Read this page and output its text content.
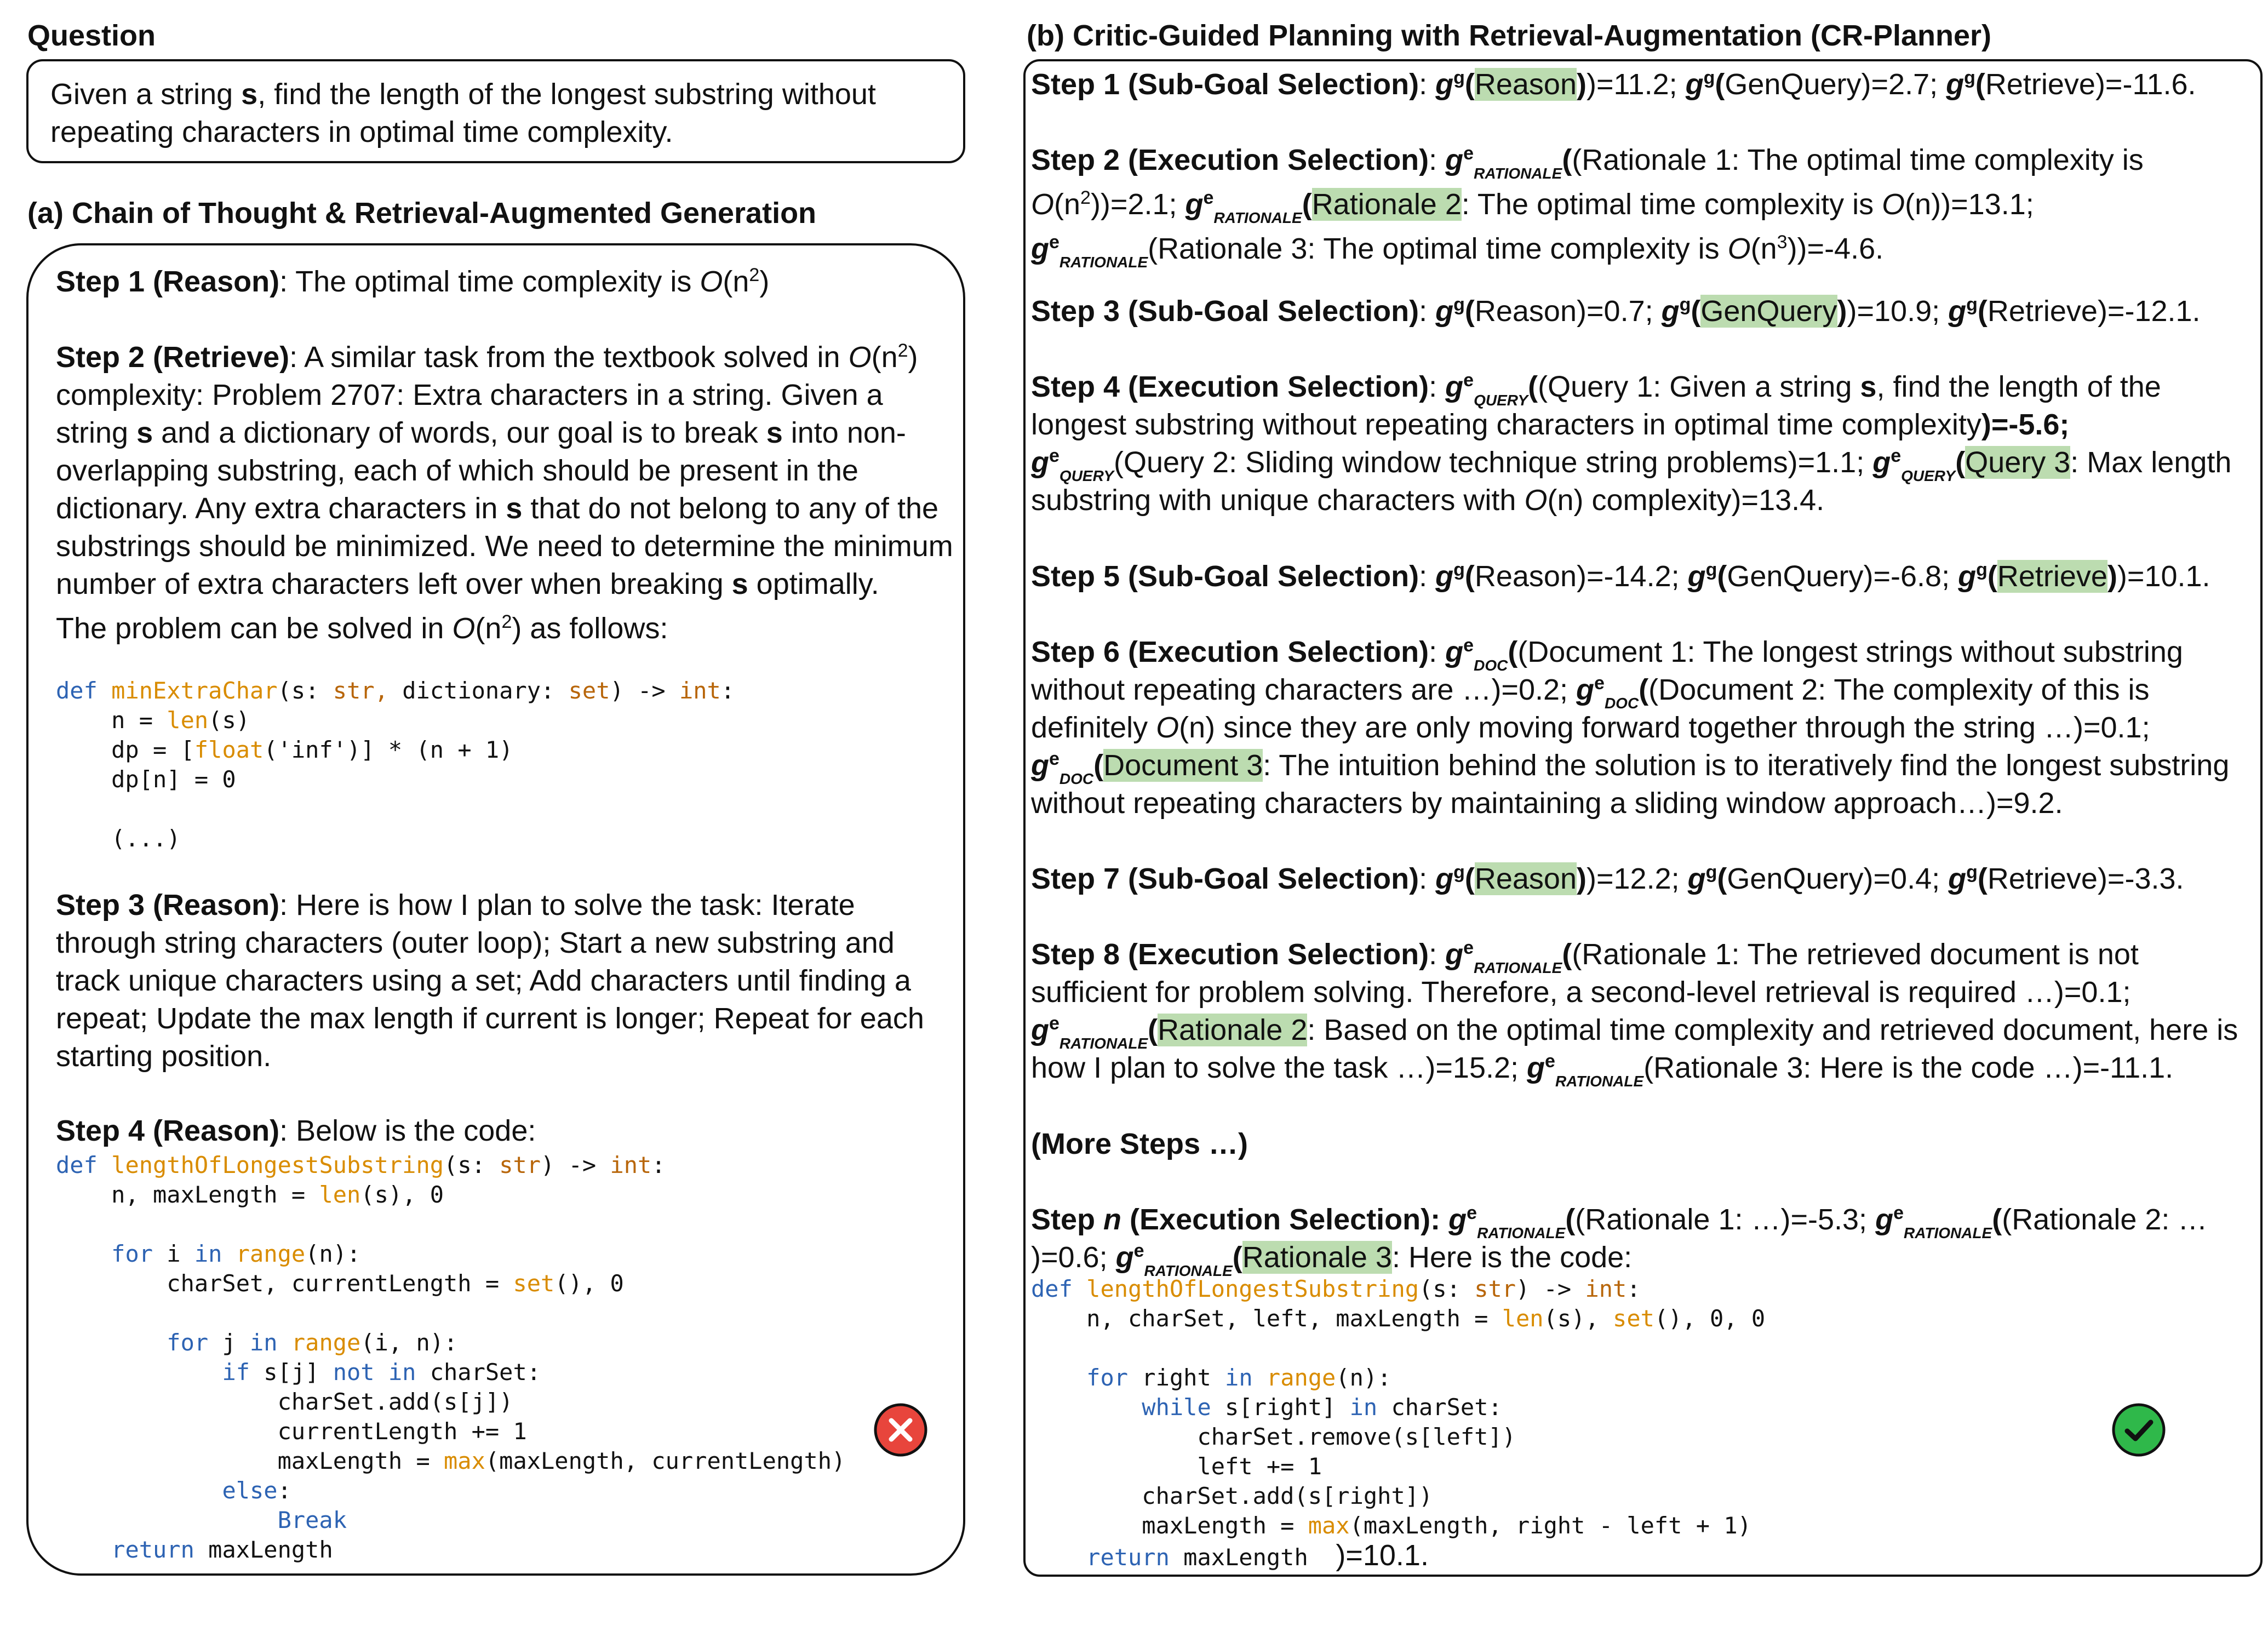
Question
Given a string s, find the length of the longest substring without repeating characters in optimal time complexity.
(a) Chain of Thought & Retrieval-Augmented Generation
Step 1 (Reason): The optimal time complexity is $O(n^2)$
Step 2 (Retrieve): A similar task from the textbook solved in $O(n^2)$ complexity: Problem 2707: Extra characters in a string. Given a string s and a dictionary of words, our goal is to break s into non-overlapping substring, each of which should be present in the dictionary. Any extra characters in s that do not belong to any of the substrings should be minimized. We need to determine the minimum number of extra characters left over when breaking s optimally.
The problem can be solved in $O(n^2)$ as follows:
def minExtraChar(s: str, dictionary: set) -> int:
n = len(s)
dp = [float('inf')] * (n + 1)
dp[n] = 0

(...)
Step 3 (Reason): Here is how I plan to solve the task: Iterate through string characters (outer loop); Start a new substring and track unique characters using a set; Add characters until finding a repeat; Update the max length if current is longer; Repeat for each starting position.
Step 4 (Reason): Below is the code:
def lengthOfLongestSubstring(s: str) -> int:
n, maxLength = len(s), 0

for i in range(n):
charSet, currentLength = set(), 0

for j in range(i, n):
if s[j] not in charSet:
charSet.add(s[j])
currentLength += 1
maxLength = max(maxLength, currentLength)
else:
Break
return maxLength
(b) Critic-Guided Planning with Retrieval-Augmentation (CR-Planner)
Step 1 (Sub-Goal Selection): $g^g(Reason))=11.2$; $g^g(GenQuery)=2.7$; $g^g(Retrieve)=-11.6$.
Step 2 (Execution Selection): $g^e_{RATIONALE}((Rationale$ 1: The optimal time complexity is $O(n^2))=2.1$; $g^e_{RATIONALE}(Rationale$ 2: The optimal time complexity is O(n))=13.1;
$g^e_{RATIONALE}(Rationale$ 3: The optimal time complexity is $O(n^3))=-4.6$.
Step 3 (Sub-Goal Selection): $g^g(Reason)=0.7$; $g^g(GenQuery))=10.9$; $g^g(Retrieve)=-12.1$.
Step 4 (Execution Selection): $g^e_{QUERY}((Query$ 1: Given a string s, find the length of the longest substring without repeating characters in optimal time complexity)=-5.6;
$g^e_{QUERY}(Query$ 2: Sliding window technique string problems)=1.1; $g^e_{QUERY}(Query$ 3: Max length substring with unique characters with O(n) complexity)=13.4.
Step 5 (Sub-Goal Selection): $g^g(Reason)=-14.2$; $g^g(GenQuery)=-6.8$; $g^g(Retrieve))=10.1$.
Step 6 (Execution Selection): $g^e_{DOC}((Document$ 1: The longest strings without substring without repeating characters are …)=0.2; $g^e_{DOC}((Document$ 2: The complexity of this is definitely O(n) since they are only moving forward together through the string …)=0.1;
$g^e_{DOC}(Document$ 3: The intuition behind the solution is to iteratively find the longest substring without repeating characters by maintaining a sliding window approach…)=9.2.
Step 7 (Sub-Goal Selection): $g^g(Reason))=12.2$; $g^g(GenQuery)=0.4$; $g^g(Retrieve)=-3.3$.
Step 8 (Execution Selection): $g^e_{RATIONALE}((Rationale$ 1: The retrieved document is not sufficient for problem solving. Therefore, a second-level retrieval is required …)=0.1;
$g^e_{RATIONALE}(Rationale$ 2: Based on the optimal time complexity and retrieved document, here is how I plan to solve the task …)=15.2; $g^e_{RATIONALE}(Rationale$ 3: Here is the code …)=-11.1.
(More Steps …)
Step n (Execution Selection): $g^e_{RATIONALE}((Rationale$ 1: …)=-5.3; $g^e_{RATIONALE}((Rationale$ 2: …
)=0.6; $g^e_{RATIONALE}(Rationale$ 3: Here is the code:
def lengthOfLongestSubstring(s: str) -> int:
n, charSet, left, maxLength = len(s), set(), 0, 0

for right in range(n):
while s[right] in charSet:
charSet.remove(s[left])
left += 1
charSet.add(s[right])
maxLength = max(maxLength, right - left + 1)
return maxLength )=10.1.
